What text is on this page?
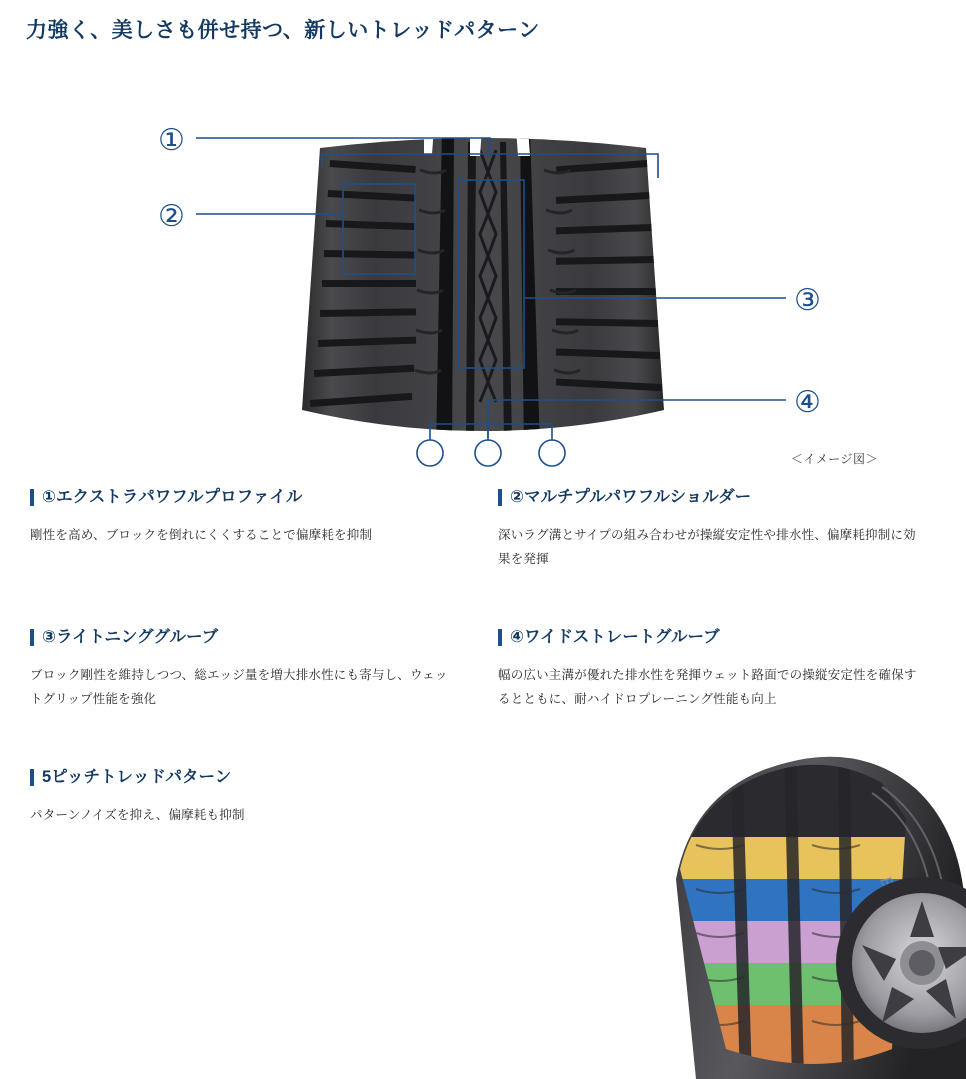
力強く、美しさも併せ持つ、新しいトレッドパターン
①
②
③
④
＜イメージ図＞
①エクストラパワフルプロファイル
剛性を高め、ブロックを倒れにくくすることで偏摩耗を抑制
②マルチプルパワフルショルダー
深いラグ溝とサイプの組み合わせが操縦安定性や排水性、偏摩耗抑制に効果を発揮
③ライトニンググルーブ
ブロック剛性を維持しつつ、総エッジ量を増大排水性にも寄与し、ウェットグリップ性能を強化
④ワイドストレートグルーブ
幅の広い主溝が優れた排水性を発揮ウェット路面での操縦安定性を確保するとともに、耐ハイドロプレーニング性能も向上
5ピッチトレッドパターン
パターンノイズを抑え、偏摩耗も抑制
